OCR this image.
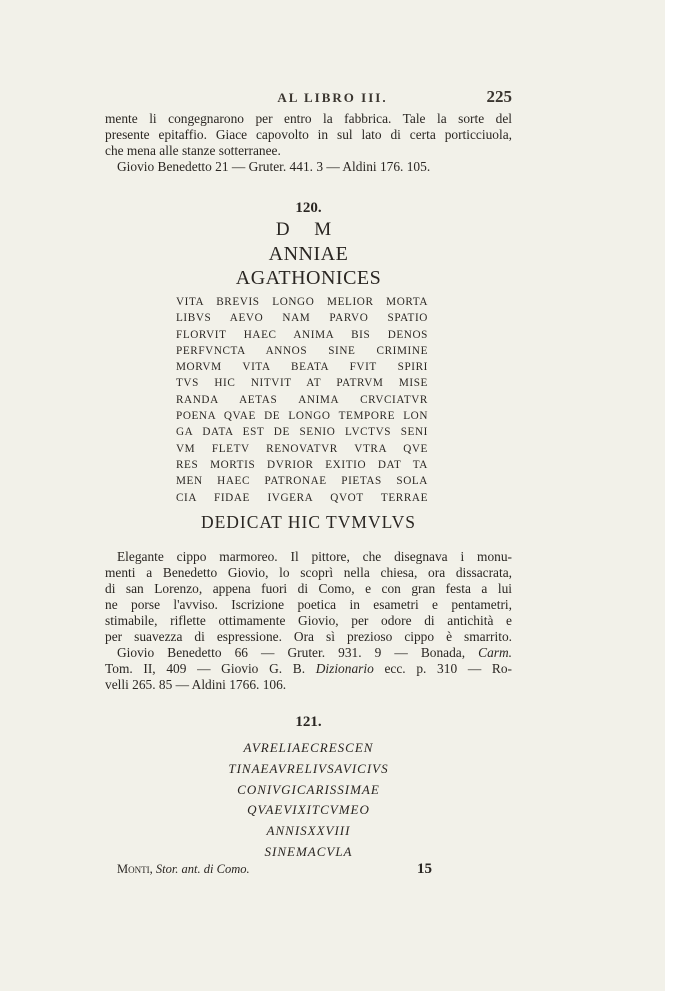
AL LIBRO III.	225

mente li congegnarono per entro la fabbrica. Tale la sorte del

presente epitaffio. Giace capovolto in sul lato di certa porticciuola,

che mena alle stanze sotterranee.

Giovio Benedetto 21 — Gruter. 441. 3 — Aldini 176. 105.

120.
D M
ANNIAE
AGATHONICES

VITA BREVIS LONGO MELIOR MORTA

LIBVS AEVO NAM PARVO SPATIO

FLORVIT HAEC ANIMA BIS DENOS

PERFVNCTA ANNOS SINE CRIMINE

MORVM VITA BEATA FVIT SPIRI

TVS HIC NITVIT AT PATRVM MISE

RANDA AETAS ANIMA CRVCIATVR

POENA QVAE DE LONGO TEMPORE LON

GA DATA EST DE SENIO LVCTVS SENI

VM FLETV RENOVATVR VTRA QVE

RES MORTIS DVRIOR EXITIO DAT TA

MEN HAEC PATRONAE PIETAS SOLA

CIA FIDAE IVGERA QVOT TERRAE

DEDICAT HIC TVMVLVS

Elegante cippo marmoreo. Il pittore, che disegnava i monu-

menti a Benedetto Giovio, lo scoprì nella chiesa, ora dissacrata,

di san Lorenzo, appena fuori di Como, e con gran festa a lui

ne porse l'avviso. Iscrizione poetica in esametri e pentametri,

stimabile, riflette ottimamente Giovio, per odore di antichità e

per suavezza di espressione. Ora sì prezioso cippo è smarrito.

Giovio Benedetto 66 — Gruter. 931. 9 — Bonada, Carm.

Tom. II, 409 — Giovio G. B. Dizionario ecc. p. 310 — Ro-

velli 265. 85 — Aldini 1766. 106.

121.

AVRELIAECRESCEN

TINAEAVRELIVSAVICIVS

CONIVGICARISSIMAE

QVAEVIXITCVMEO

ANNISXXVIII

SINEMACVLA

Monti, Stor. ant. di Como.	15
